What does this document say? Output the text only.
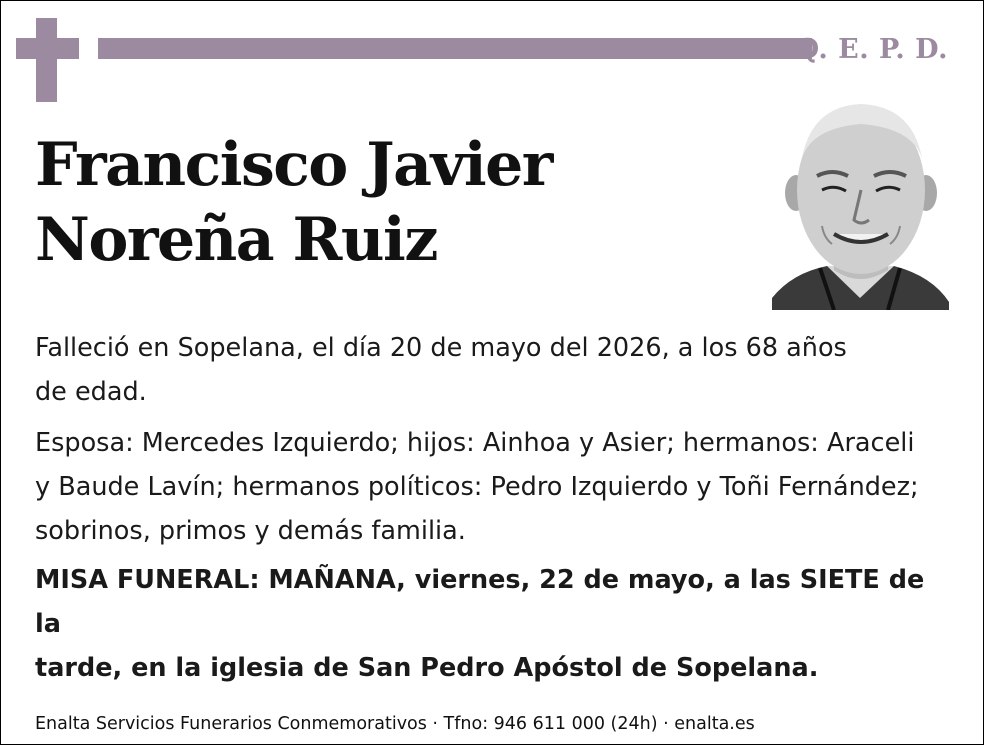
Q. E. P. D.
Francisco Javier
Noreña Ruiz

Falleció en Sopelana, el día 20 de mayo del 2026, a los 68 años
de edad.

Esposa: Mercedes Izquierdo; hijos: Ainhoa y Asier; hermanos: Araceli
y Baude Lavín; hermanos políticos: Pedro Izquierdo y Toñi Fernández;
sobrinos, primos y demás familia.

MISA FUNERAL: MAÑANA, viernes, 22 de mayo, a las SIETE de la
tarde, en la iglesia de San Pedro Apóstol de Sopelana.

Enalta Servicios Funerarios Conmemorativos · Tfno: 946 611 000 (24h) · enalta.es
